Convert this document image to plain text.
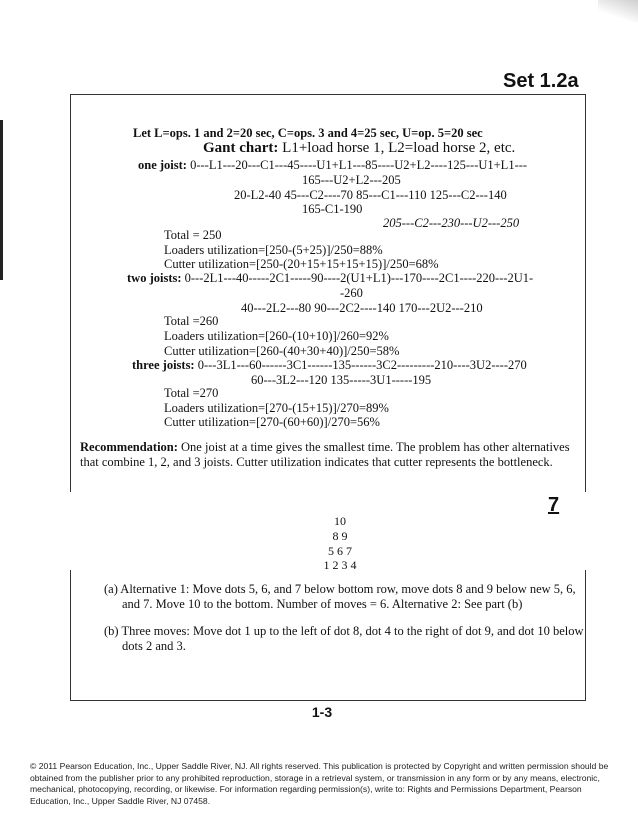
Set 1.2a
Let L=ops. 1 and 2=20 sec, C=ops. 3 and 4=25 sec, U=op. 5=20 sec
Gant chart: L1+load horse 1, L2=load horse 2, etc.
one joist: 0---L1---20---C1---45----U1+L1---85----U2+L2----125---U1+L1---
165---U2+L2---205
20-L2-40 45---C2----70 85---C1---110 125---C2---140
165-C1-190
205---C2---230---U2---250
Total = 250
Loaders utilization=[250-(5+25)]/250=88%
Cutter utilization=[250-(20+15+15+15+15)]/250=68%
two joists: 0---2L1---40-----2C1-----90----2(U1+L1)---170----2C1----220---2U1-
-260
40---2L2---80 90---2C2----140 170---2U2---210
Total =260
Loaders utilization=[260-(10+10)]/260=92%
Cutter utilization=[260-(40+30+40)]/250=58%
three joists: 0---3L1---60------3C1------135------3C2---------210----3U2----270
60---3L2---120 135-----3U1-----195
Total =270
Loaders utilization=[270-(15+15)]/270=89%
Cutter utilization=[270-(60+60)]/270=56%
Recommendation: One joist at a time gives the smallest time. The problem has other alternatives that combine 1, 2, and 3 joists. Cutter utilization indicates that cutter represents the bottleneck.
7
10
8 9
5 6 7
1 2 3 4
(a) Alternative 1: Move dots 5, 6, and 7 below bottom row, move dots 8 and 9 below new 5, 6, and 7. Move 10 to the bottom. Number of moves = 6. Alternative 2: See part (b)
(b) Three moves: Move dot 1 up to the left of dot 8, dot 4 to the right of dot 9, and dot 10 below dots 2 and 3.
1-3
© 2011 Pearson Education, Inc., Upper Saddle River, NJ. All rights reserved. This publication is protected by Copyright and written permission should be obtained from the publisher prior to any prohibited reproduction, storage in a retrieval system, or transmission in any form or by any means, electronic, mechanical, photocopying, recording, or likewise. For information regarding permission(s), write to: Rights and Permissions Department, Pearson Education, Inc., Upper Saddle River, NJ 07458.
